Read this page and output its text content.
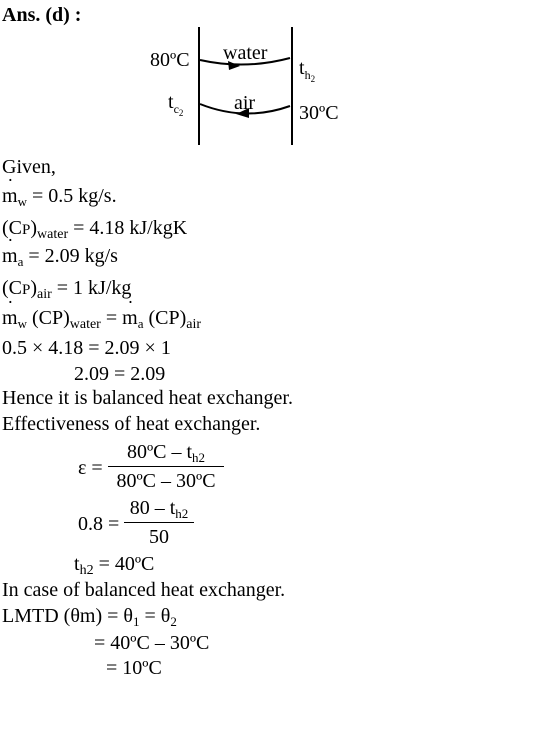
Ans. (d) :
80ºC water
$t_h2$
$t_c2$	air 30ºC
Given,
˙ $m_w = 0.5$ kg/s.
$(CP)_{water} = 4.18$ kJ/kgK
˙ $m_a = 2.09$ kg/s
$(CP)_{air} = 1$ kJ/kg
˙ $m_w$ $(CP)_{water}$ = ˙ $m_a$ $(CP)_{air}$
0.5 × 4.18 = 2.09 × 1
2.09 = 2.09
Hence it is balanced heat exchanger.
Effectiveness of heat exchanger.
ε =
80ºC – $t_{h2}$
80ºC – 30ºC
0.8 =
$80 - t_{h2}$
50
$t_{h2}$ = 40ºC
In case of balanced heat exchanger.
LMTD $(\theta m) = \theta_1 = \theta_2$
= 40ºC – 30ºC
= 10ºC
